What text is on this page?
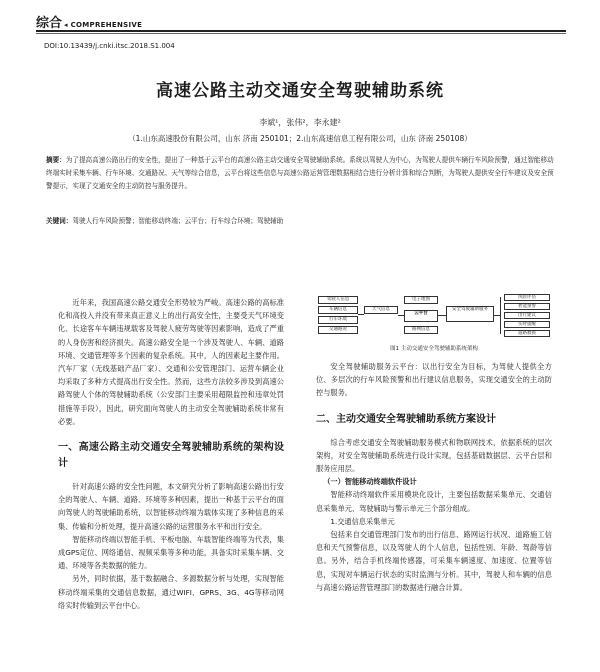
综合 ◂ COMPREHENSIVE
DOI:10.13439/j.cnki.itsc.2018.S1.004
高速公路主动交通安全驾驶辅助系统
李斌¹，张伟²，李永建²
（1.山东高速股份有限公司，山东 济南 250101；2.山东高速信息工程有限公司，山东 济南 250108）
摘要：为了提高高速公路出行的安全性，提出了一种基于云平台的高速公路主动交通安全驾驶辅助系统。系统以驾驶人为中心，为驾驶人提供车辆行车风险预警，通过智能移动终端实时采集车辆、行车环境、交通路况、天气等综合信息，云平台将这些信息与高速公路运营管理数据相结合进行分析计算和综合判断，为驾驶人提供安全行车建议及安全预警提示，实现了交通安全的主动防控与服务提升。
关键词：驾驶人行车风险预警；智能移动终端；云平台；行车综合环境；驾驶辅助

近年来，我国高速公路交通安全形势较为严峻。高速公路的高标准化和高投入并没有带来真正意义上的出行高安全性，主要受天气环境变化、长途客车车辆违规载客及驾驶人疲劳驾驶等因素影响，造成了严重的人身伤害和经济损失。高速公路安全是一个涉及驾驶人、车辆、道路环境、交通管理等多个因素的复杂系统。其中，人的因素起主要作用。汽车厂家（无线基础产品厂家）、交通和公安管理部门、运营车辆企业均采取了多种方式提高出行安全性。然而，这些方法较多涉及到高速公路驾驶人个体的驾驶辅助系统（公安部门主要采用超限监控和违章处罚措施等手段），因此，研究面向驾驶人的主动安全驾驶辅助系统非常有必要。

一、高速公路主动交通安全驾驶辅助系统的架构设计

针对高速公路的安全性问题，本文研究分析了影响高速公路出行安全的驾驶人、车辆、道路、环境等多种因素，提出一种基于云平台的面向驾驶人的驾驶辅助系统，以智能移动终端为载体实现了多种信息的采集、传输和分析处理，提升高速公路的运营服务水平和出行安全。

智能移动终端以智能手机、平板电脑、车载智能终端等为代表，集成GPS定位、网络通信、视频采集等多种功能，具备实时采集车辆、交通、环境等各类数据的能力。

另外，同时依据，基于数据融合、多源数据分析与处理，实现智能移动终端采集的交通信息数据，通过WIFI、GPRS、3G、4G等移动网络实时传输到云平台中心。

驾驶人信息
车辆信息
行车环境
交通路况
天气信息
电子地图
云平台
路网信息
安全驾驶辅助服务
风险评估
智能预警
出行建议
实时提醒
道路救援
图1 主动交通安全驾驶辅助系统架构

安全驾驶辅助服务云平台：以出行安全为目标，为驾驶人提供全方位、多层次的行车风险预警和出行建议信息服务，实现交通安全的主动防控与服务。

二、主动交通安全驾驶辅助系统方案设计

综合考虑交通安全驾驶辅助服务模式和物联网技术，依据系统的层次架构，对安全驾驶辅助系统进行设计实现，包括基础数据层、云平台层和服务应用层。

（一）智能移动终端软件设计

智能移动终端软件采用模块化设计，主要包括数据采集单元、交通信息采集单元、驾驶辅助与警示单元三个部分组成。

1.交通信息采集单元

包括来自交通管理部门发布的出行信息、路网运行状况、道路施工信息和天气预警信息，以及驾驶人的个人信息，包括性别、年龄、驾龄等信息。另外，结合手机终端传感器，可采集车辆速度、加速度、位置等信息，实现对车辆运行状态的实时监测与分析。其中，驾驶人和车辆的信息与高速公路运营管理部门的数据进行融合计算。
